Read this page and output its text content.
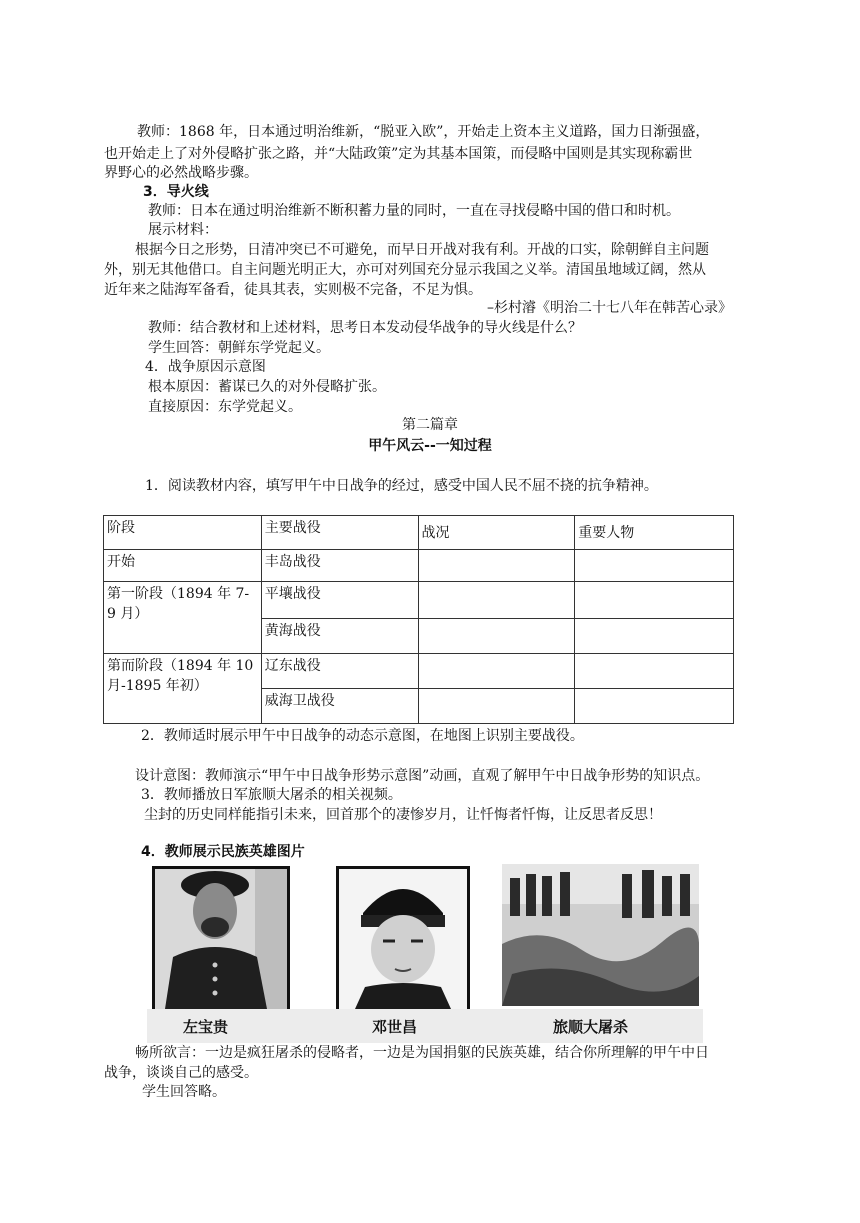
教师：1868 年，日本通过明治维新，“脱亚入欧”，开始走上资本主义道路，国力日渐强盛，
也开始走上了对外侵略扩张之路，并“大陆政策”定为其基本国策，而侵略中国则是其实现称霸世
界野心的必然战略步骤。
3．导火线
教师：日本在通过明治维新不断积蓄力量的同时，一直在寻找侵略中国的借口和时机。
展示材料：
根据今日之形势，日清冲突已不可避免，而早日开战对我有利。开战的口实，除朝鲜自主问题
外，别无其他借口。自主问题光明正大，亦可对列国充分显示我国之义举。清国虽地域辽阔，然从
近年来之陆海军备看，徒具其表，实则极不完备，不足为惧。
–杉村濬《明治二十七八年在韩苦心录》
教师：结合教材和上述材料，思考日本发动侵华战争的导火线是什么？
学生回答：朝鲜东学党起义。
4．战争原因示意图
根本原因：蓄谋已久的对外侵略扩张。
直接原因：东学党起义。
第二篇章
甲午风云--一知过程
1．阅读教材内容，填写甲午中日战争的经过，感受中国人民不屈不挠的抗争精神。
阶段	主要战役	战况	重要人物
开始	丰岛战役		
第一阶段（1894 年 7-9 月）	平壤战役		
	黄海战役		
第而阶段（1894 年 10 月-1895 年初）	辽东战役		
	威海卫战役		
2．教师适时展示甲午中日战争的动态示意图，在地图上识别主要战役。
设计意图：教师演示“甲午中日战争形势示意图”动画，直观了解甲午中日战争形势的知识点。
3．教师播放日军旅顺大屠杀的相关视频。
尘封的历史同样能指引未来，回首那个的凄惨岁月，让忏悔者忏悔，让反思者反思！
4．教师展示民族英雄图片
左宝贵	邓世昌	旅顺大屠杀
畅所欲言：一边是疯狂屠杀的侵略者，一边是为国捐躯的民族英雄，结合你所理解的甲午中日
战争，谈谈自己的感受。
学生回答略。
